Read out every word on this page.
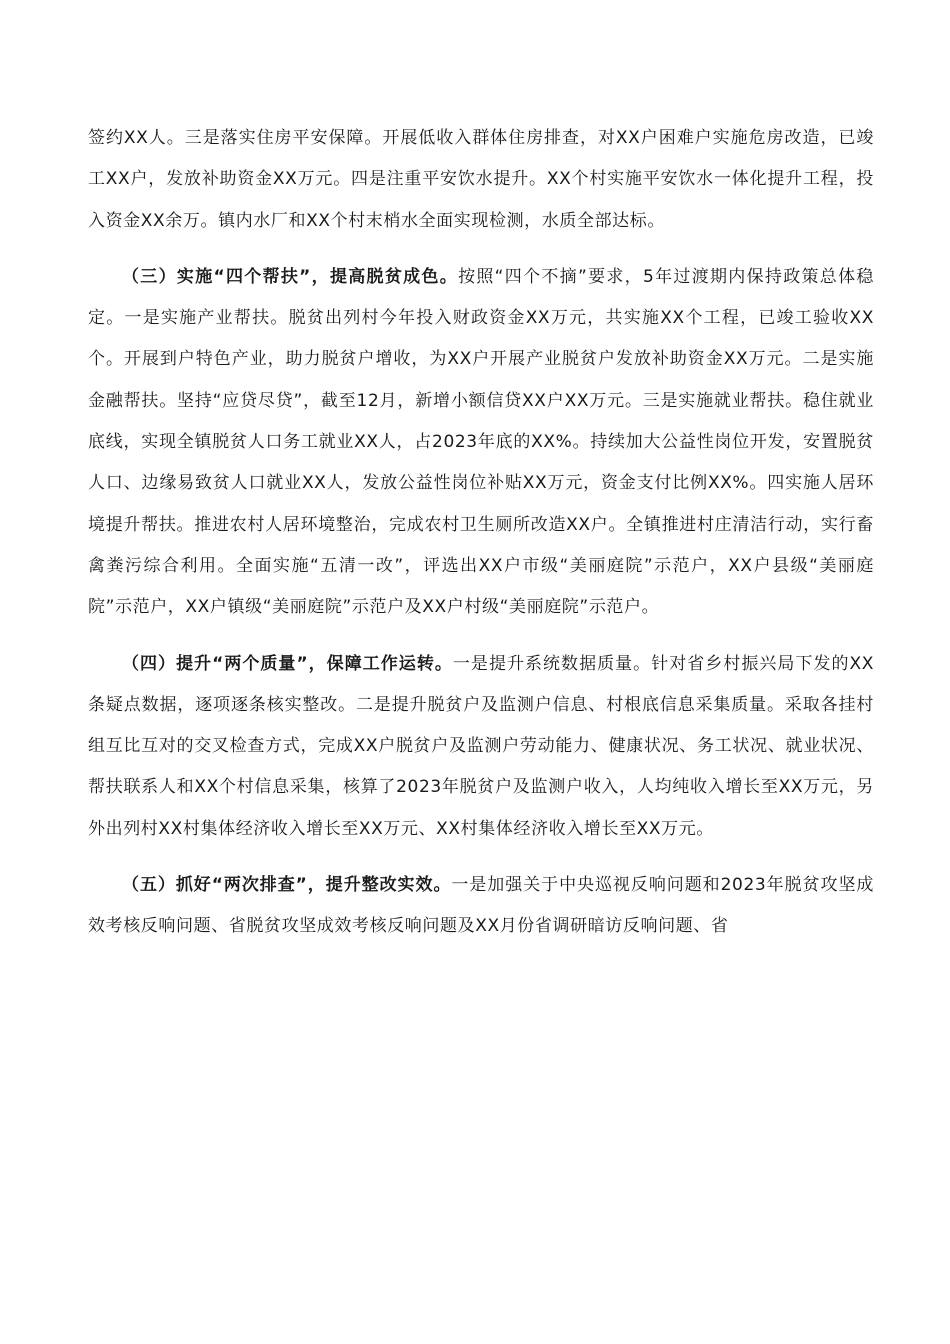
签约XX人。三是落实住房平安保障。开展低收入群体住房排查，对XX户困难户实施危房改造，已竣工XX户，发放补助资金XX万元。四是注重平安饮水提升。XX个村实施平安饮水一体化提升工程，投入资金XX余万。镇内水厂和XX个村末梢水全面实现检测，水质全部达标。

（三）实施“四个帮扶”，提高脱贫成色。按照“四个不摘”要求，5年过渡期内保持政策总体稳定。一是实施产业帮扶。脱贫出列村今年投入财政资金XX万元，共实施XX个工程，已竣工验收XX个。开展到户特色产业，助力脱贫户增收，为XX户开展产业脱贫户发放补助资金XX万元。二是实施金融帮扶。坚持“应贷尽贷”，截至12月，新增小额信贷XX户XX万元。三是实施就业帮扶。稳住就业底线，实现全镇脱贫人口务工就业XX人，占2023年底的XX%。持续加大公益性岗位开发，安置脱贫人口、边缘易致贫人口就业XX人，发放公益性岗位补贴XX万元，资金支付比例XX%。四实施人居环境提升帮扶。推进农村人居环境整治，完成农村卫生厕所改造XX户。全镇推进村庄清洁行动，实行畜禽粪污综合利用。全面实施“五清一改”，评选出XX户市级“美丽庭院”示范户，XX户县级“美丽庭院”示范户，XX户镇级“美丽庭院”示范户及XX户村级“美丽庭院”示范户。

（四）提升“两个质量”，保障工作运转。一是提升系统数据质量。针对省乡村振兴局下发的XX条疑点数据，逐项逐条核实整改。二是提升脱贫户及监测户信息、村根底信息采集质量。采取各挂村组互比互对的交叉检查方式，完成XX户脱贫户及监测户劳动能力、健康状况、务工状况、就业状况、帮扶联系人和XX个村信息采集，核算了2023年脱贫户及监测户收入，人均纯收入增长至XX万元，另外出列村XX村集体经济收入增长至XX万元、XX村集体经济收入增长至XX万元。

（五）抓好“两次排查”，提升整改实效。一是加强关于中央巡视反响问题和2023年脱贫攻坚成效考核反响问题、省脱贫攻坚成效考核反响问题及XX月份省调研暗访反响问题、省
